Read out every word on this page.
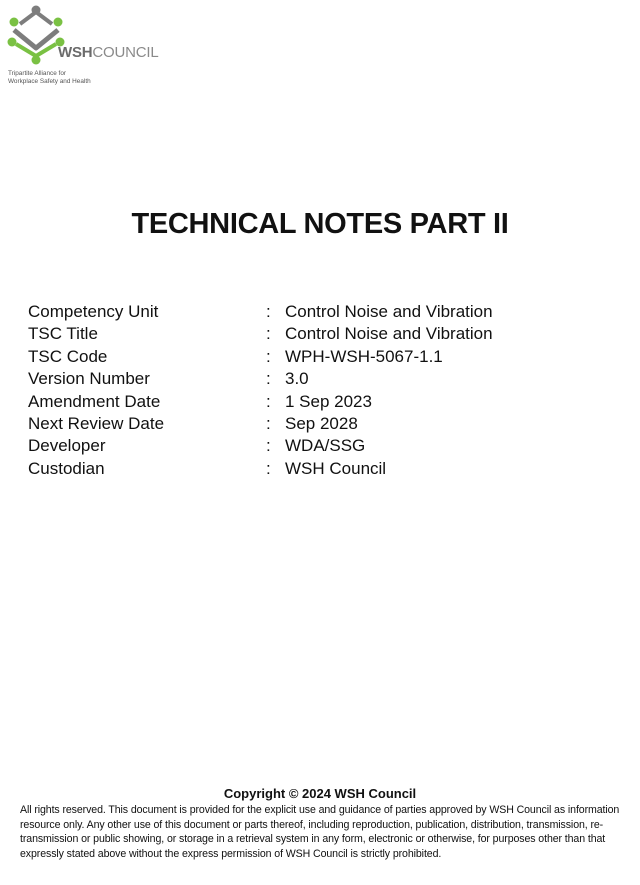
WSHCOUNCIL
Tripartite Alliance for
Workplace Safety and Health
TECHNICAL NOTES PART II
Competency Unit	: Control Noise and Vibration
TSC Title	: Control Noise and Vibration
TSC Code	: WPH-WSH-5067-1.1
Version Number	: 3.0
Amendment Date	: 1 Sep 2023
Next Review Date	: Sep 2028
Developer	: WDA/SSG
Custodian	: WSH Council
Copyright © 2024 WSH Council
All rights reserved. This document is provided for the explicit use and guidance of parties approved by WSH Council as information resource only. Any other use of this document or parts thereof, including reproduction, publication, distribution, transmission, re-transmission or public showing, or storage in a retrieval system in any form, electronic or otherwise, for purposes other than that expressly stated above without the express permission of WSH Council is strictly prohibited.
